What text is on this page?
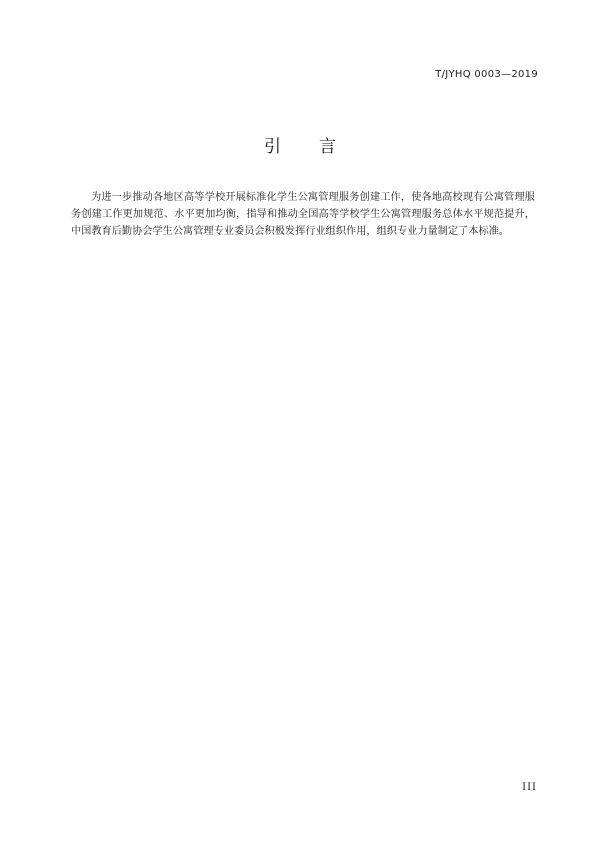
T/JYHQ 0003—2019
引言

为进一步推动各地区高等学校开展标准化学生公寓管理服务创建工作，使各地高校现有公寓管理服务创建工作更加规范、水平更加均衡，指导和推动全国高等学校学生公寓管理服务总体水平规范提升，中国教育后勤协会学生公寓管理专业委员会积极发挥行业组织作用，组织专业力量制定了本标准。

III
